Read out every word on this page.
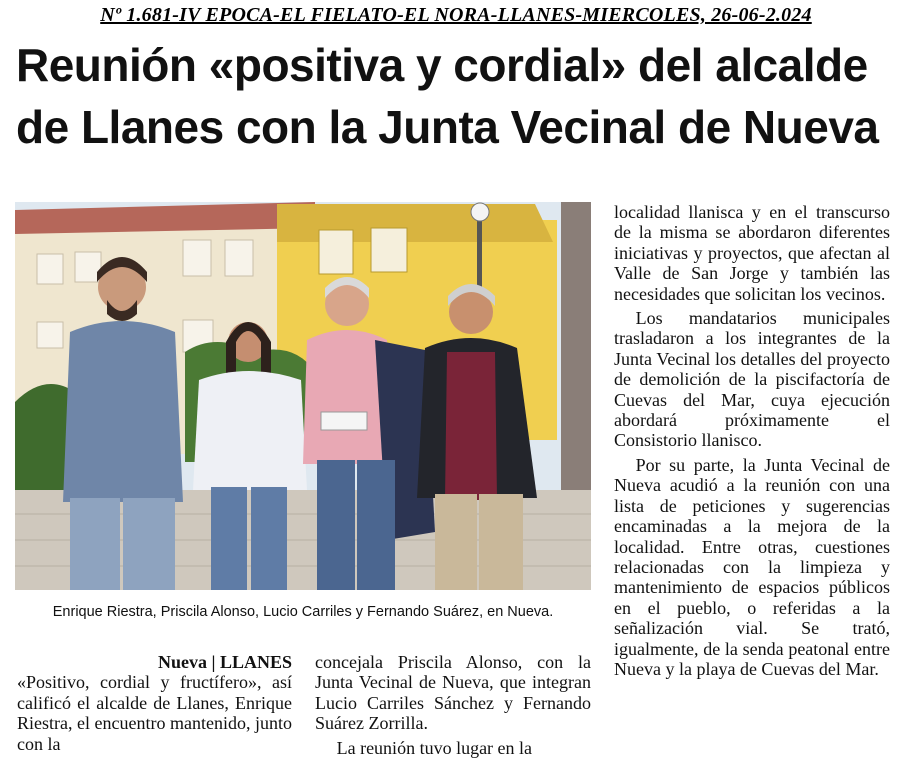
Nº 1.681-IV EPOCA-EL FIELATO-EL NORA-LLANES-MIERCOLES, 26-06-2.024
Reunión «positiva y cordial» del alcalde de Llanes con la Junta Vecinal de Nueva
Enrique Riestra, Priscila Alonso, Lucio Carriles y Fernando Suárez, en Nueva.

Nueva | LLANES

«Positivo, cordial y fructífero», así calificó el alcalde de Llanes, Enrique Riestra, el encuentro mantenido, junto con la

concejala Priscila Alonso, con la Junta Vecinal de Nueva, que integran Lucio Carriles Sánchez y Fernando Suárez Zorrilla.

La reunión tuvo lugar en la

localidad llanisca y en el transcurso de la misma se abordaron diferentes iniciativas y proyectos, que afectan al Valle de San Jorge y también las necesidades que solicitan los vecinos.

Los mandatarios municipales trasladaron a los integrantes de la Junta Vecinal los detalles del proyecto de demolición de la piscifactoría de Cuevas del Mar, cuya ejecución abordará próximamente el Consistorio llanisco.

Por su parte, la Junta Vecinal de Nueva acudió a la reunión con una lista de peticiones y sugerencias encaminadas a la mejora de la localidad. Entre otras, cuestiones relacionadas con la limpieza y mantenimiento de espacios públicos en el pueblo, o referidas a la señalización vial. Se trató, igualmente, de la senda peatonal entre Nueva y la playa de Cuevas del Mar.
